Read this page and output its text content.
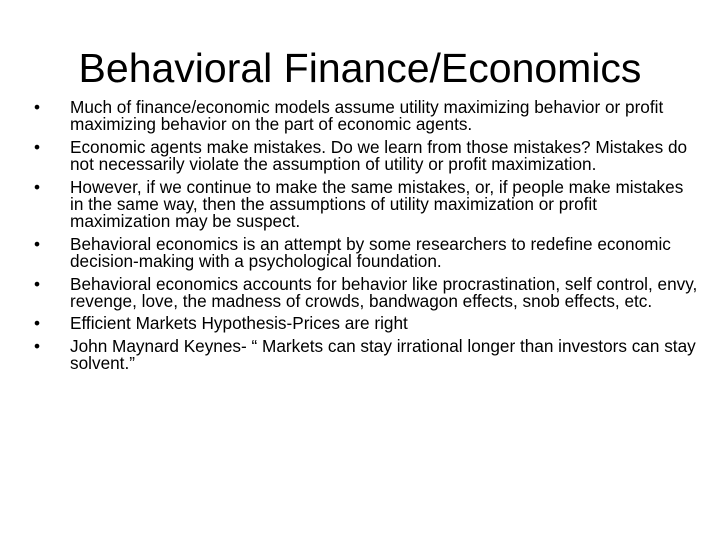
Behavioral Finance/Economics
• Much of finance/economic models assume utility maximizing behavior or profit maximizing behavior on the part of economic agents.
• Economic agents make mistakes. Do we learn from those mistakes? Mistakes do not necessarily violate the assumption of utility or profit maximization.
• However, if we continue to make the same mistakes, or, if people make mistakes in the same way, then the assumptions of utility maximization or profit maximization may be suspect.
• Behavioral economics is an attempt by some researchers to redefine economic decision-making with a psychological foundation.
• Behavioral economics accounts for behavior like procrastination, self control, envy, revenge, love, the madness of crowds, bandwagon effects, snob effects, etc.
• Efficient Markets Hypothesis-Prices are right
• John Maynard Keynes- “ Markets can stay irrational longer than investors can stay solvent.”
